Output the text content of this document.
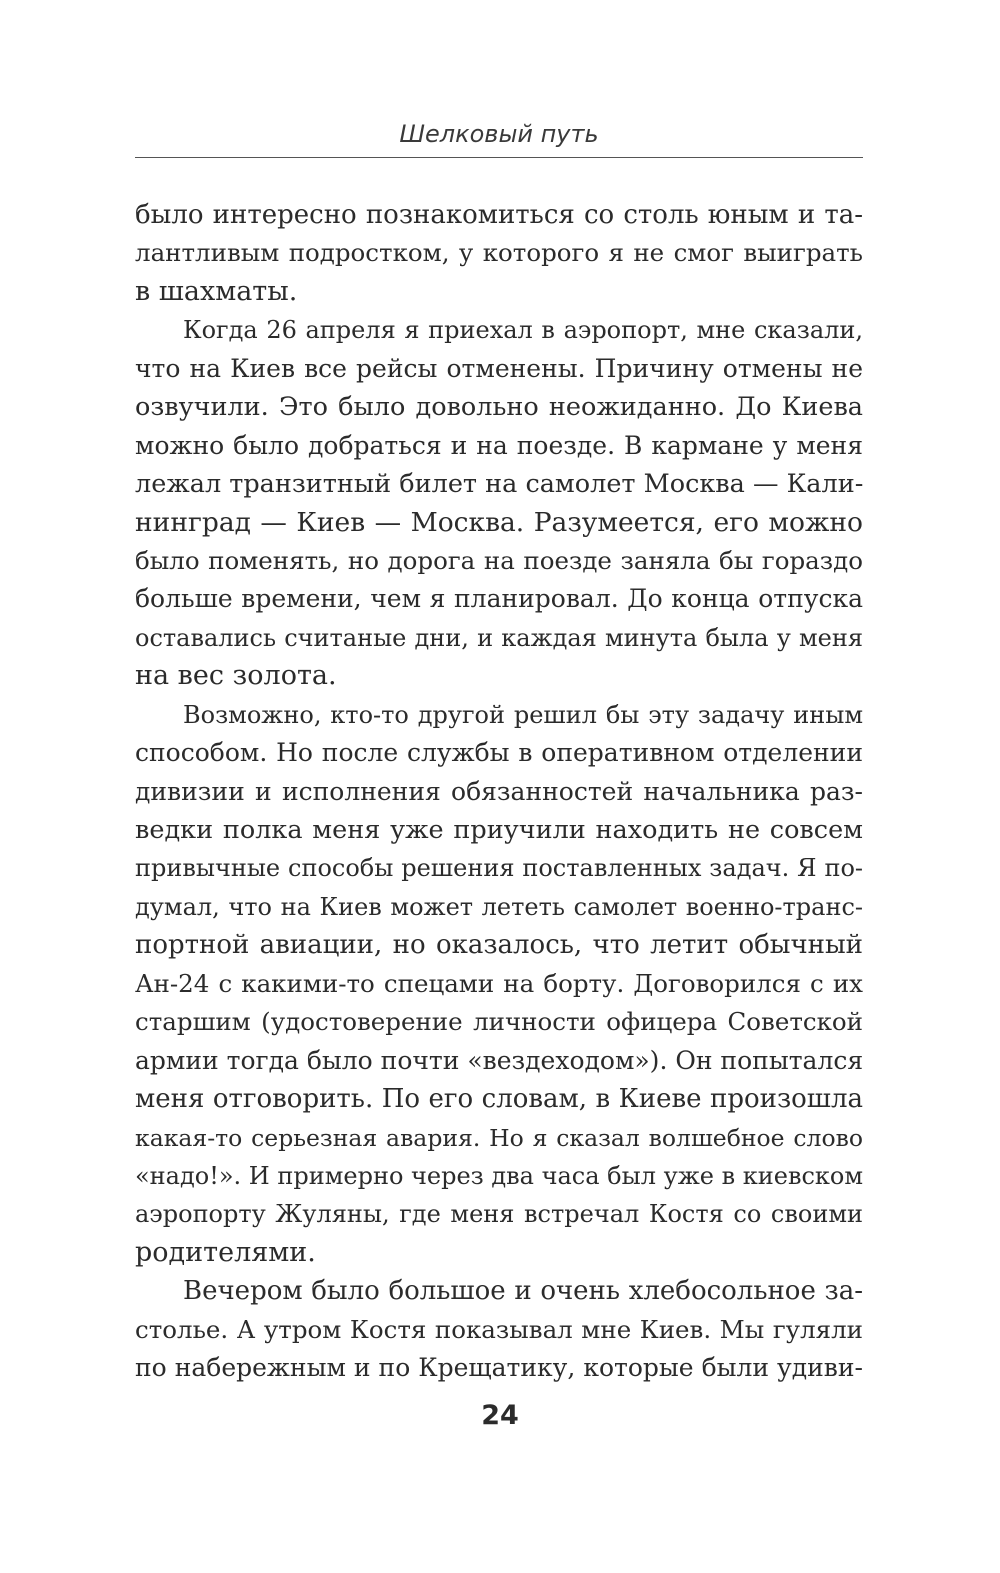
Шелковый путь
было интересно познакомиться со столь юным и та-
лантливым подростком, у которого я не смог выиграть
в шахматы.
Когда 26 апреля я приехал в аэропорт, мне сказали,
что на Киев все рейсы отменены. Причину отмены не
озвучили. Это было довольно неожиданно. До Киева
можно было добраться и на поезде. В кармане у меня
лежал транзитный билет на самолет Москва — Кали-
нинград — Киев — Москва. Разумеется, его можно
было поменять, но дорога на поезде заняла бы гораздо
больше времени, чем я планировал. До конца отпуска
оставались считаные дни, и каждая минута была у меня
на вес золота.
Возможно, кто-то другой решил бы эту задачу иным
способом. Но после службы в оперативном отделении
дивизии и исполнения обязанностей начальника раз-
ведки полка меня уже приучили находить не совсем
привычные способы решения поставленных задач. Я по-
думал, что на Киев может лететь самолет военно-транс-
портной авиации, но оказалось, что летит обычный
Ан-24 с какими-то спецами на борту. Договорился с их
старшим (удостоверение личности офицера Советской
армии тогда было почти «вездеходом»). Он попытался
меня отговорить. По его словам, в Киеве произошла
какая-то серьезная авария. Но я сказал волшебное слово
«надо!». И примерно через два часа был уже в киевском
аэропорту Жуляны, где меня встречал Костя со своими
родителями.
Вечером было большое и очень хлебосольное за-
столье. А утром Костя показывал мне Киев. Мы гуляли
по набережным и по Крещатику, которые были удиви-
24
